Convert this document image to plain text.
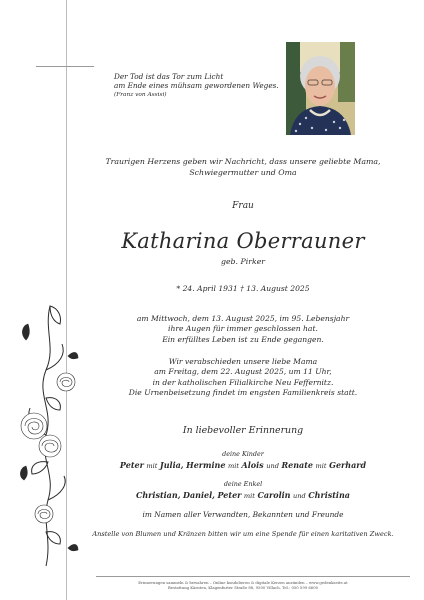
Der Tod ist das Tor zum Licht
am Ende eines mühsam gewordenen Weges.
(Franz von Assisi)
Traurigen Herzens geben wir Nachricht, dass unsere geliebte Mama,
Schwiegermutter und Oma
Frau
Katharina Oberrauner
geb. Pirker
* 24. April 1931 † 13. August 2025
am Mittwoch, dem 13. August 2025, im 95. Lebensjahr
ihre Augen für immer geschlossen hat.
Ein erfülltes Leben ist zu Ende gegangen.
Wir verabschieden unsere liebe Mama
am Freitag, dem 22. August 2025, um 11 Uhr,
in der katholischen Filialkirche Neu Feffernitz.
Die Urnenbeisetzung findet im engsten Familienkreis statt.
In liebevoller Erinnerung
deine Kinder
Peter mit Julia, Hermine mit Alois und Renate mit Gerhard
deine Enkel
Christian, Daniel, Peter mit Carolin und Christina
im Namen aller Verwandten, Bekannten und Freunde
Anstelle von Blumen und Kränzen bitten wir um eine Spende für einen karitativen Zweck.
Erinnerungen sammeln & bewahren – Online kondolieren & digitale Kerzen anzünden – www.gedenkseite.at
Bestattung Kärnten, Klagenfurter Straße 88, 9500 Villach, Tel.: 050 599 6600
